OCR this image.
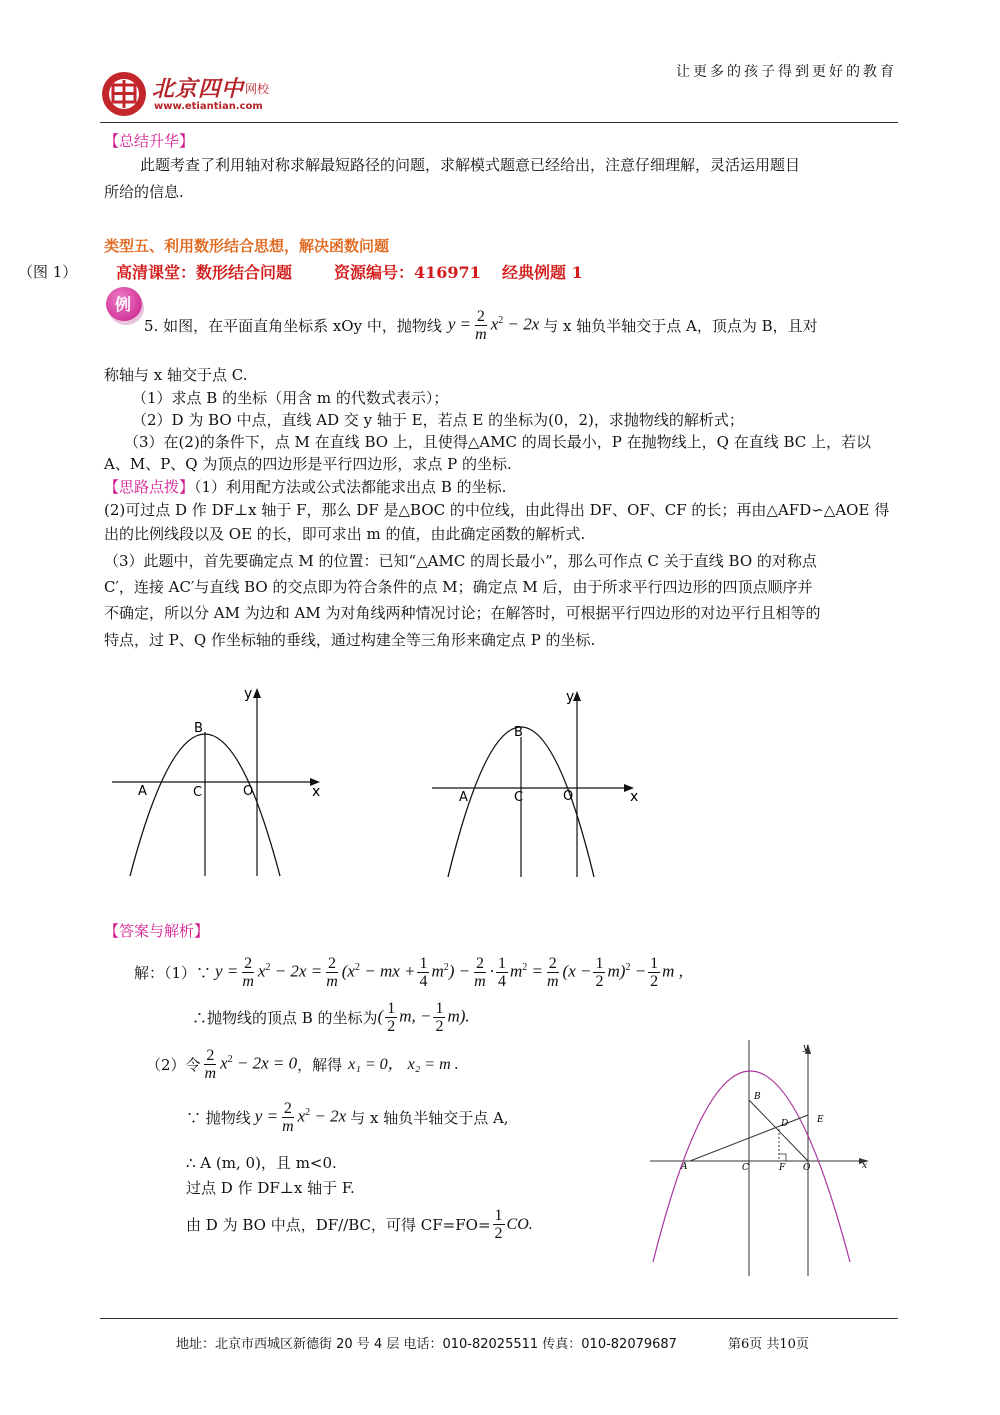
北京四中 网校
www.etiantian.com
让更多的孩子得到更好的教育
【总结升华】
此题考查了利用轴对称求解最短路径的问题，求解模式题意已经给出，注意仔细理解，灵活运用题目
所给的信息.
类型五、利用数形结合思想，解决函数问题
（图 1） 高清课堂：数形结合问题	资源编号：416971 经典例题 1
例
5. 如图，在平面直角坐标系 xOy 中，抛物线 $y = \frac{2}{m} x^2 - 2x$ 与 x 轴负半轴交于点 A，顶点为 B，且对
称轴与 x 轴交于点 C.
（1）求点 B 的坐标（用含 m 的代数式表示）；
（2）D 为 BO 中点，直线 AD 交 y 轴于 E，若点 E 的坐标为(0，2)，求抛物线的解析式；
（3）在(2)的条件下，点 M 在直线 BO 上，且使得△AMC 的周长最小，P 在抛物线上，Q 在直线 BC 上，若以
A、M、P、Q 为顶点的四边形是平行四边形，求点 P 的坐标.
【思路点拨】（1）利用配方法或公式法都能求出点 B 的坐标.
(2)可过点 D 作 DF⊥x 轴于 F，那么 DF 是△BOC 的中位线，由此得出 DF、OF、CF 的长；再由△AFD∽△AOE 得
出的比例线段以及 OE 的长，即可求出 m 的值，由此确定函数的解析式.
（3）此题中，首先要确定点 M 的位置：已知“△AMC 的周长最小”，那么可作点 C 关于直线 BO 的对称点
C′，连接 AC′与直线 BO 的交点即为符合条件的点 M；确定点 M 后，由于所求平行四边形的四顶点顺序并
不确定，所以分 AM 为边和 AM 为对角线两种情况讨论；在解答时，可根据平行四边形的对边平行且相等的
特点，过 P、Q 作坐标轴的垂线，通过构建全等三角形来确定点 P 的坐标.
y
x
B
A	C	O
y
x
B
A	C	O
【答案与解析】
解：（1）∵ $y = \frac{2}{m} x^2 - 2x = \frac{2}{m} (x^2$ − mx + $\frac{1}{4} m^2) - \frac{2}{m} \cdot \frac{1}{4} m^2 = \frac{2}{m} (x - \frac{1}{2} m)^2 - \frac{1}{2}$ m ,
∴抛物线的顶点 B 的坐标为 ( $\frac{1}{2} m$, − $\frac{1}{2} m$).
（2）令 $\frac{2}{m} x^2 - 2x = 0$ ，解得 x₁ = 0， x₂ = m .
∵ 抛物线 $y = \frac{2}{m} x^2 - 2x$ 与 x 轴负半轴交于点 A,
∴ A (m, 0)，且 m<0.
过点 D 作 DF⊥x 轴于 F.
由 D 为 BO 中点，DF//BC，可得 $CF=FO= \frac{1}{2}$ CO.
y
x
A
B
C
D	E
F O
地址：北京市西城区新德街 20 号 4 层 电话：010-82025511 传真：010-82079687	第6页 共10页
